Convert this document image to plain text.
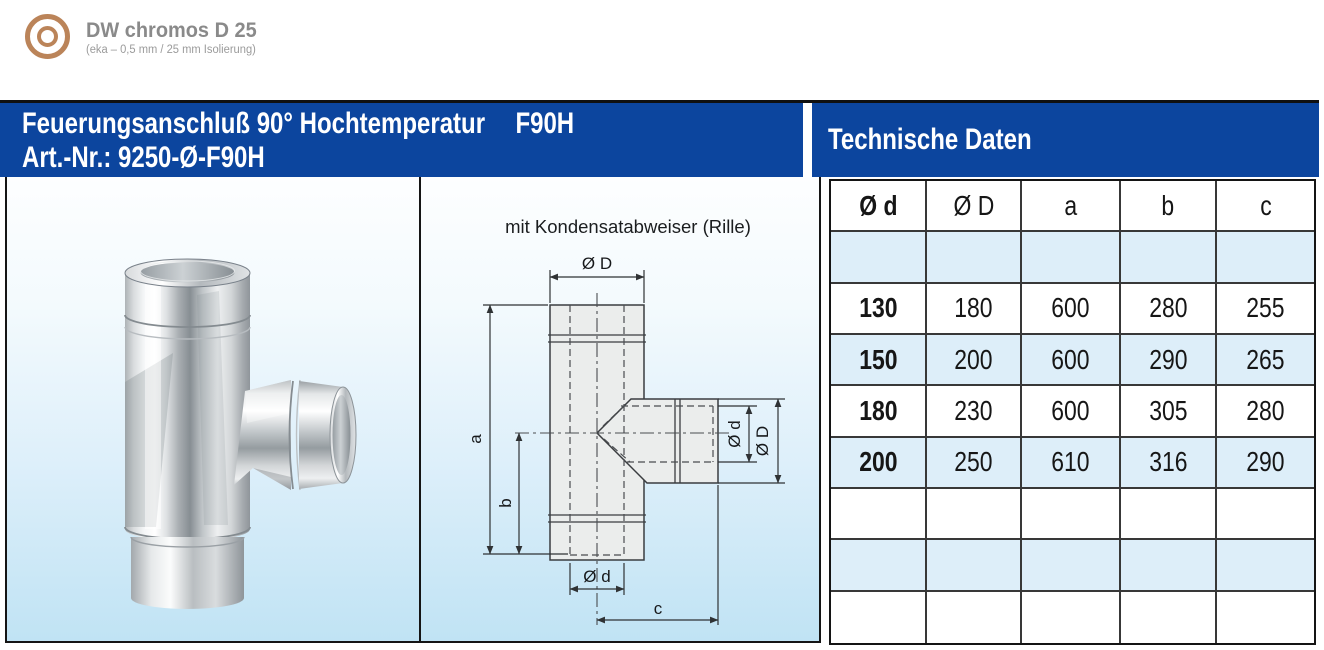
DW chromos D 25
(eka – 0,5 mm / 25 mm Isolierung)
Feuerungsanschluß 90° Hochtemperatur F90H
Art.-Nr.: 9250-Ø-F90H
Technische Daten
mit Kondensatabweiser (Rille)
Ø D
a
b
Ø d
c
Ø d Ø D
Ø d Ø D	a	b	c
130 180 600 280 255
150 200 600 290 265
180 230 600 305 280
200 250 610 316 290
